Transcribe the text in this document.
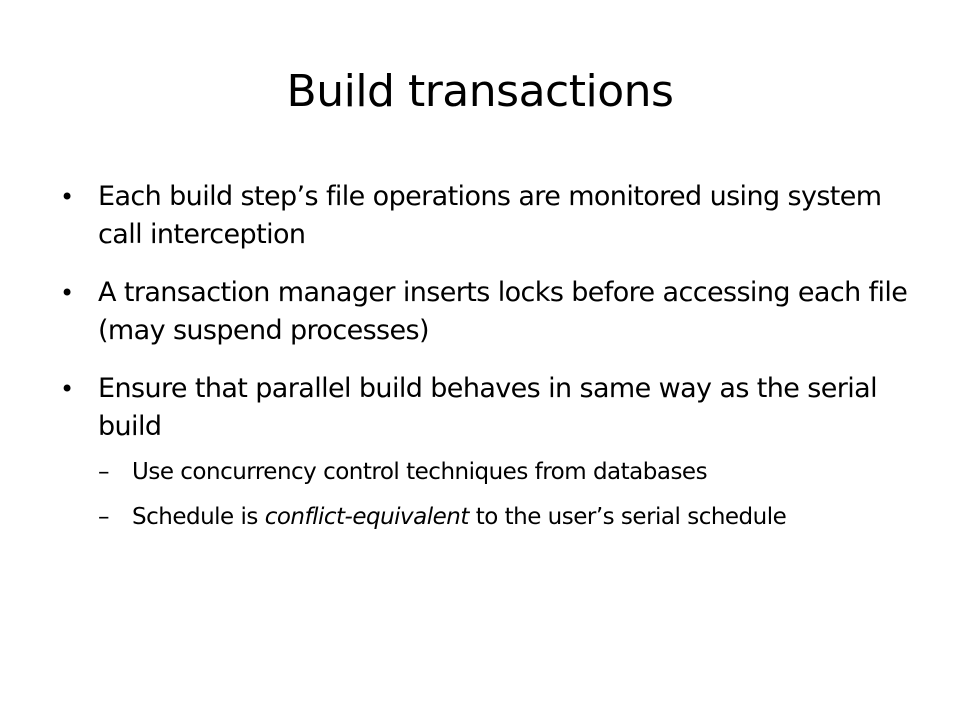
Build transactions
• Each build step’s file operations are monitored using system call interception
• A transaction manager inserts locks before accessing each file (may suspend processes)
• Ensure that parallel build behaves in same way as the serial build
– Use concurrency control techniques from databases
– Schedule is conflict-equivalent to the user’s serial schedule
